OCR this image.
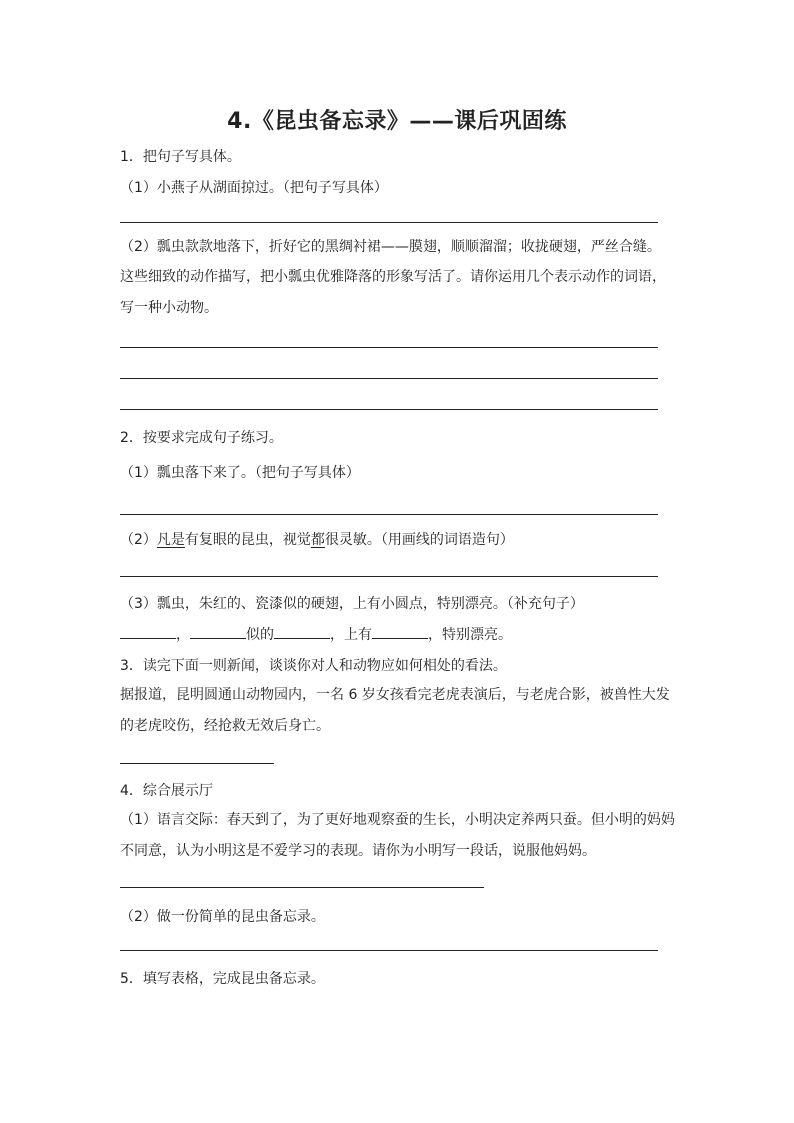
4.《昆虫备忘录》——课后巩固练
1．把句子写具体。
（1）小燕子从湖面掠过。（把句子写具体）
（2）瓢虫款款地落下，折好它的黑绸衬裙——膜翅，顺顺溜溜；收拢硬翅，严丝合缝。
这些细致的动作描写，把小瓢虫优雅降落的形象写活了。请你运用几个表示动作的词语，
写一种小动物。
2．按要求完成句子练习。
（1）瓢虫落下来了。（把句子写具体）
（2）凡是有复眼的昆虫，视觉都很灵敏。（用画线的词语造句）
（3）瓢虫，朱红的、瓷漆似的硬翅，上有小圆点，特别漂亮。（补充句子）
，	似的	，上有	，特别漂亮。
3．读完下面一则新闻，谈谈你对人和动物应如何相处的看法。
据报道，昆明圆通山动物园内，一名 6 岁女孩看完老虎表演后，与老虎合影，被兽性大发
的老虎咬伤，经抢救无效后身亡。
4．综合展示厅
（1）语言交际：春天到了，为了更好地观察蚕的生长，小明决定养两只蚕。但小明的妈妈
不同意，认为小明这是不爱学习的表现。请你为小明写一段话，说服他妈妈。
（2）做一份简单的昆虫备忘录。
5．填写表格，完成昆虫备忘录。
